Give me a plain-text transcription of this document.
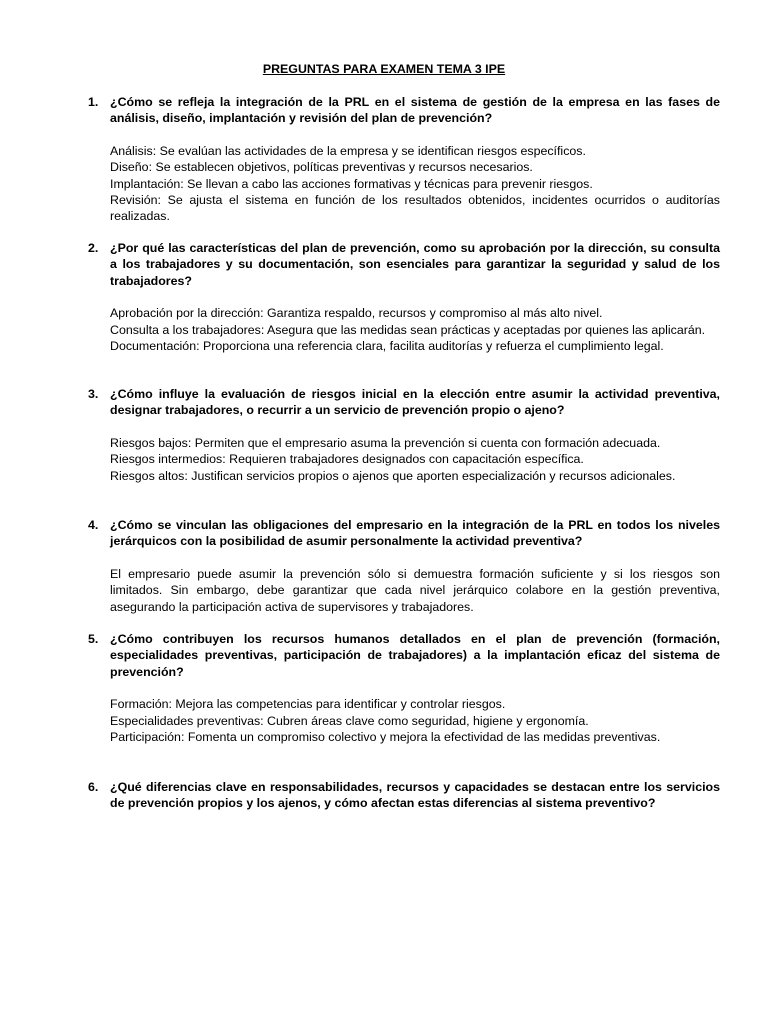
PREGUNTAS PARA EXAMEN TEMA 3 IPE
1. ¿Cómo se refleja la integración de la PRL en el sistema de gestión de la empresa en las fases de análisis, diseño, implantación y revisión del plan de prevención?

Análisis: Se evalúan las actividades de la empresa y se identifican riesgos específicos.

Diseño: Se establecen objetivos, políticas preventivas y recursos necesarios.

Implantación: Se llevan a cabo las acciones formativas y técnicas para prevenir riesgos.

Revisión: Se ajusta el sistema en función de los resultados obtenidos, incidentes ocurridos o auditorías realizadas.

2. ¿Por qué las características del plan de prevención, como su aprobación por la dirección, su consulta a los trabajadores y su documentación, son esenciales para garantizar la seguridad y salud de los trabajadores?

Aprobación por la dirección: Garantiza respaldo, recursos y compromiso al más alto nivel.

Consulta a los trabajadores: Asegura que las medidas sean prácticas y aceptadas por quienes las aplicarán.

Documentación: Proporciona una referencia clara, facilita auditorías y refuerza el cumplimiento legal.

3. ¿Cómo influye la evaluación de riesgos inicial en la elección entre asumir la actividad preventiva, designar trabajadores, o recurrir a un servicio de prevención propio o ajeno?

Riesgos bajos: Permiten que el empresario asuma la prevención si cuenta con formación adecuada.

Riesgos intermedios: Requieren trabajadores designados con capacitación específica.

Riesgos altos: Justifican servicios propios o ajenos que aporten especialización y recursos adicionales.

4. ¿Cómo se vinculan las obligaciones del empresario en la integración de la PRL en todos los niveles jerárquicos con la posibilidad de asumir personalmente la actividad preventiva?

El empresario puede asumir la prevención sólo si demuestra formación suficiente y si los riesgos son limitados. Sin embargo, debe garantizar que cada nivel jerárquico colabore en la gestión preventiva, asegurando la participación activa de supervisores y trabajadores.

5. ¿Cómo contribuyen los recursos humanos detallados en el plan de prevención (formación, especialidades preventivas, participación de trabajadores) a la implantación eficaz del sistema de prevención?

Formación: Mejora las competencias para identificar y controlar riesgos.

Especialidades preventivas: Cubren áreas clave como seguridad, higiene y ergonomía.

Participación: Fomenta un compromiso colectivo y mejora la efectividad de las medidas preventivas.

6. ¿Qué diferencias clave en responsabilidades, recursos y capacidades se destacan entre los servicios de prevención propios y los ajenos, y cómo afectan estas diferencias al sistema preventivo?
